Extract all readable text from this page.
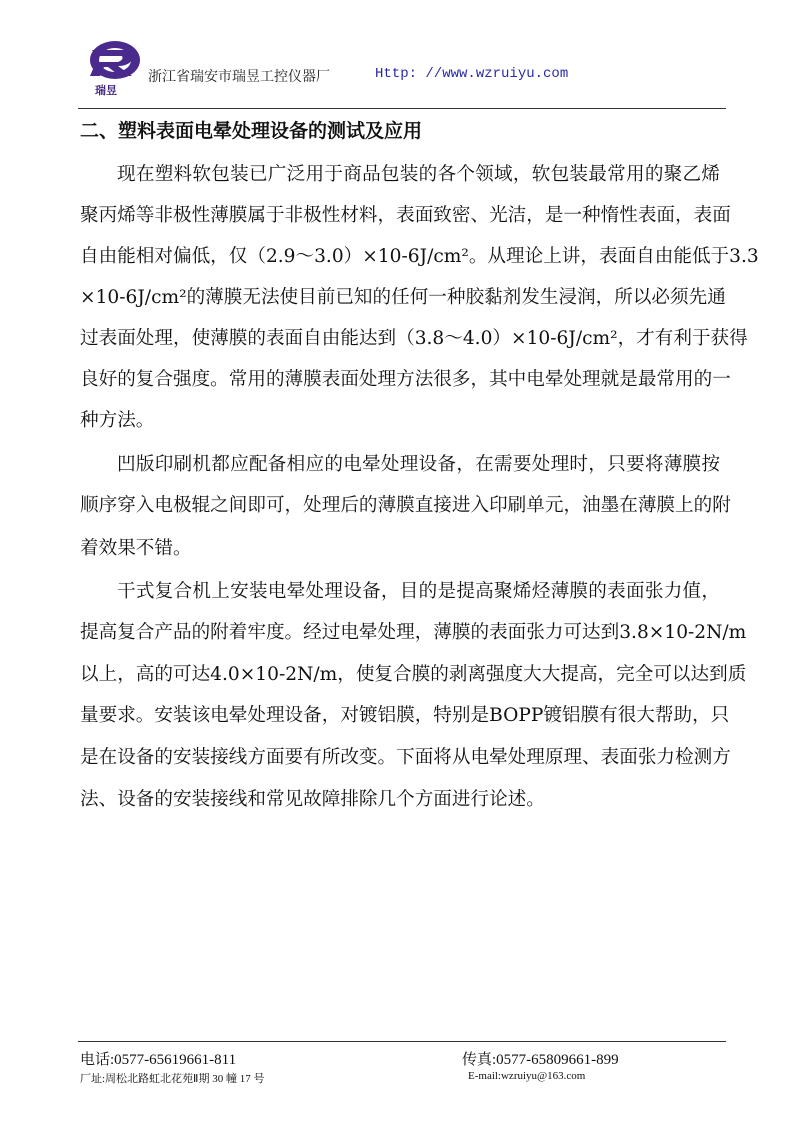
瑞昱
浙江省瑞安市瑞昱工控仪器厂	Http: //www.wzruiyu.com
二、塑料表面电晕处理设备的测试及应用
现在塑料软包装已广泛用于商品包装的各个领域，软包装最常用的聚乙烯
聚丙烯等非极性薄膜属于非极性材料，表面致密、光洁，是一种惰性表面，表面
自由能相对偏低，仅（2.9～3.0）×10-6J/cm²。从理论上讲，表面自由能低于3.3
×10-6J/cm²的薄膜无法使目前已知的任何一种胶黏剂发生浸润，所以必须先通
过表面处理，使薄膜的表面自由能达到（3.8～4.0）×10-6J/cm²，才有利于获得
良好的复合强度。常用的薄膜表面处理方法很多，其中电晕处理就是最常用的一
种方法。
凹版印刷机都应配备相应的电晕处理设备，在需要处理时，只要将薄膜按
顺序穿入电极辊之间即可，处理后的薄膜直接进入印刷单元，油墨在薄膜上的附
着效果不错。
干式复合机上安装电晕处理设备，目的是提高聚烯烃薄膜的表面张力值，
提高复合产品的附着牢度。经过电晕处理，薄膜的表面张力可达到3.8×10-2N/m
以上，高的可达4.0×10-2N/m，使复合膜的剥离强度大大提高，完全可以达到质
量要求。安装该电晕处理设备，对镀铝膜，特别是BOPP镀铝膜有很大帮助，只
是在设备的安装接线方面要有所改变。下面将从电晕处理原理、表面张力检测方
法、设备的安装接线和常见故障排除几个方面进行论述。
电话:0577-65619661-811	传真:0577-65809661-899
厂址:周松北路虹北花苑Ⅱ期 30 幢 17 号	E-mail:wzruiyu@163.com
